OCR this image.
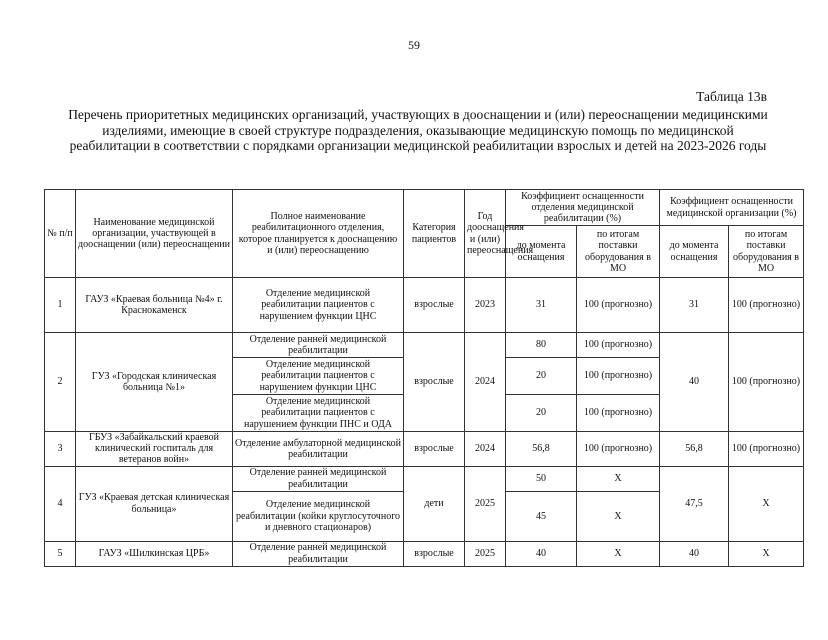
59
Таблица 13в
Перечень приоритетных медицинских организаций, участвующих в дооснащении и (или) переоснащении медицинскими изделиями, имеющие в своей структуре подразделения, оказывающие медицинскую помощь по медицинской реабилитации в соответствии с порядками организации медицинской реабилитации взрослых и детей на 2023-2026 годы
№ п/п	Наименование медицинской организации, участвующей в дооснащении (или) переоснащении	Полное наименование реабилитационного отделения, которое планируется к дооснащению и (или) переоснащению	Категория пациентов	Год дооснащения и (или) переоснащения	Коэффициент оснащенности отделения медицинской реабилитации (%)		Коэффициент оснащенности медицинской организации (%)	
					до момента оснащения	по итогам поставки оборудования в МО	до момента оснащения	по итогам поставки оборудования в МО
1	ГАУЗ «Краевая больница №4» г. Краснокаменск	Отделение медицинской реабилитации пациентов с нарушением функции ЦНС	взрослые	2023	31	100 (прогнозно)	31	100 (прогнозно)
2	ГУЗ «Городская клиническая больница №1»	Отделение ранней медицинской реабилитации	взрослые	2024	80	100 (прогнозно)	40	100 (прогнозно)
		Отделение медицинской реабилитации пациентов с нарушением функции ЦНС			20	100 (прогнозно)		
		Отделение медицинской реабилитации пациентов с нарушением функции ПНС и ОДА			20	100 (прогнозно)		
3	ГБУЗ «Забайкальский краевой клинический госпиталь для ветеранов войн»	Отделение амбулаторной медицинской реабилитации	взрослые	2024	56,8	100 (прогнозно)	56,8	100 (прогнозно)
4	ГУЗ «Краевая детская клиническая больница»	Отделение ранней медицинской реабилитации	дети	2025	50	X	47,5	X
		Отделение медицинской реабилитации (койки круглосуточного и дневного стационаров)			45	X		
5	ГАУЗ «Шилкинская ЦРБ»	Отделение ранней медицинской реабилитации	взрослые	2025	40	X	40	X
